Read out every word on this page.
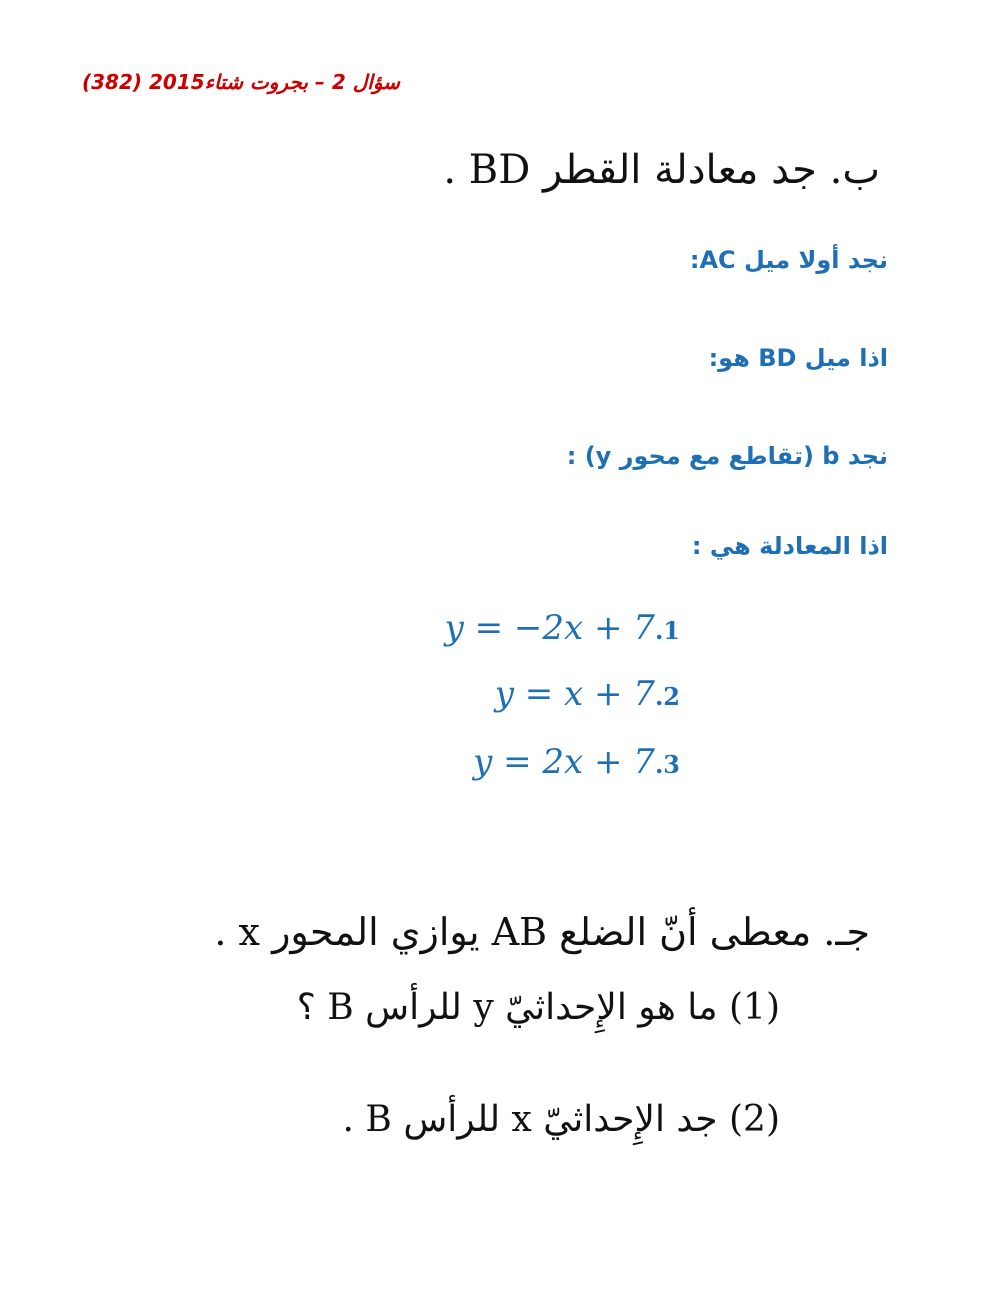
سؤال 2 – بجروت شتاء2015 (382)
ب. جد معادلة القطر BD .
نجد أولا ميل AC:
اذا ميل BD هو:
نجد b (تقاطع مع محور y) :
اذا المعادلة هي :
y = −2x + 7.1
y = x + 7.2
y = 2x + 7.3
جـ. معطى أنّ الضلع AB يوازي المحور x .
(1) ما هو الإِحداثيّ y للرأس B ؟
(2) جد الإِحداثيّ x للرأس B .
